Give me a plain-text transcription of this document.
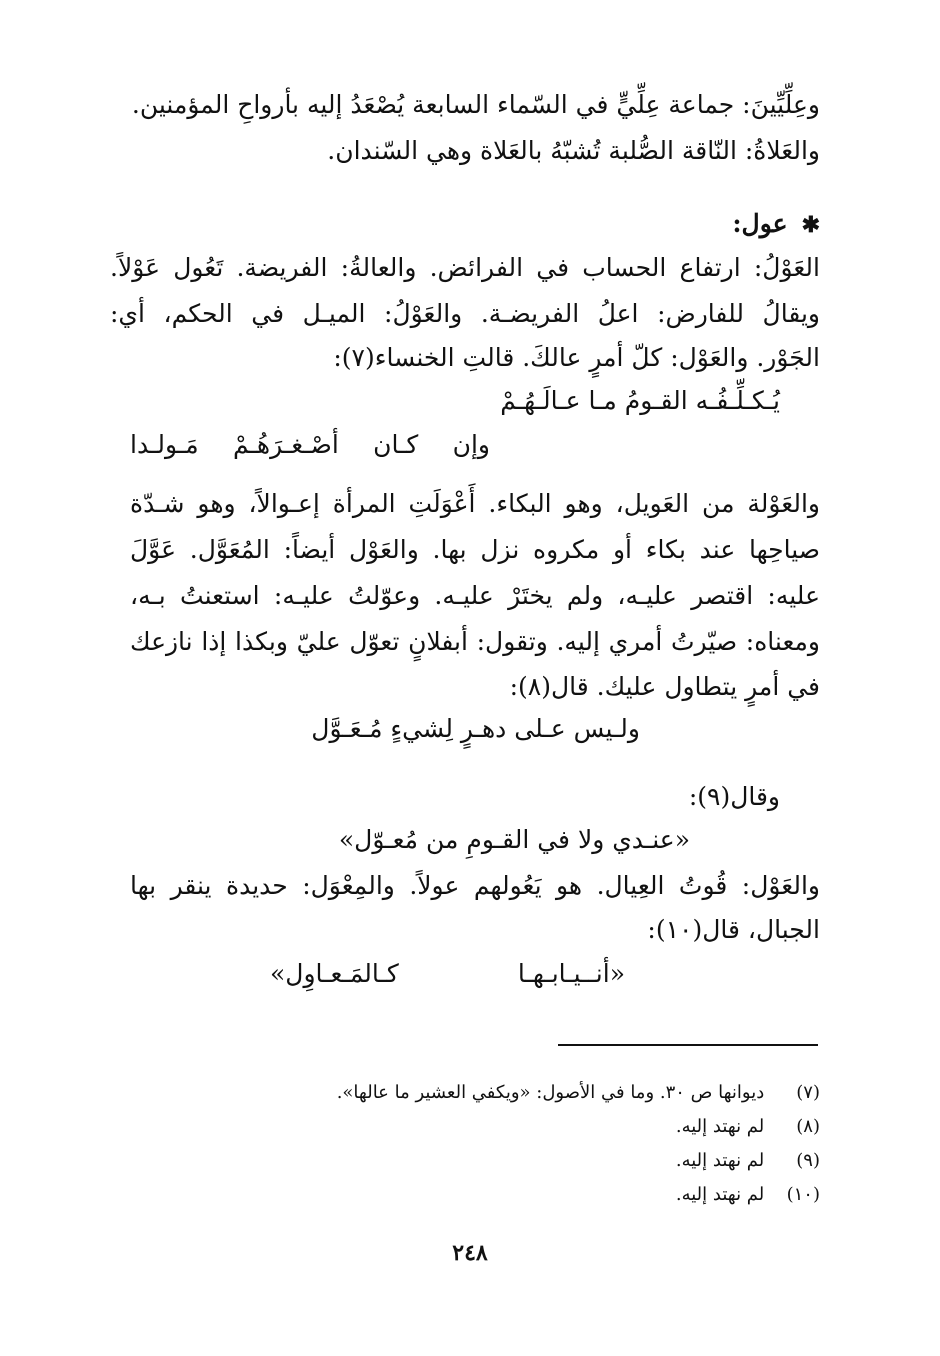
وعِلِّيِّينَ: جماعة عِلِّيٍّ في السّماء السابعة يُصْعَدُ إليه بأرواحِ المؤمنين.
والعَلاةُ: النّاقة الصُّلبة تُشبّهُ بالعَلاة وهي السّندان.
✱عول:
العَوْلُ: ارتفاع الحساب في الفرائض. والعالةُ: الفريضة. تَعُول عَوْلاً.
ويقالُ للفارض: اعلُ الفريضـة. والعَوْلُ: الميـل في الحكم، أي:
الجَوْر. والعَوْل: كلّ أمرٍ عالكَ. قالتِ الخنساء(٧):
يُـكـلِّـفُـه القـومُ مـا عـالَـهُـمْ
وإن
كـان
أصْـغـرَهُـمْ
مَـولـدا
والعَوْلة من العَويل، وهو البكاء. أَعْوَلَتِ المرأة إعـوالاً، وهو شـدّة
صياحِها عند بكاء أو مكروه نزل بها. والعَوْل أيضاً: المُعَوَّل. عَوَّلَ
عليه: اقتصر عليـه، ولم يختَرْ عليـه. وعوّلتُ عليـه: استعنتُ بـه،
ومعناه: صيّرتُ أمري إليه. وتقول: أبفلانٍ تعوّل عليّ وبكذا إذا نازعك
في أمرٍ يتطاول عليك. قال(٨):
ولـيس عـلى دهـرٍ لِشيءٍ مُـعَـوَّل
وقال(٩):
«عنـدي ولا في القـومِ من مُعـوّل»
والعَوْل: قُوتُ العِيال. هو يَعُولهم عولاً. والمِعْوَل: حديدة ينقر بها
الجبال، قال(١٠):
«أنــيـابـهـا
كـالمَـعـاوِل»
(٧) ديوانها ص ٣٠. وما في الأصول: «ويكفي العشير ما عالها».
(٨) لم نهتد إليه.
(٩) لم نهتد إليه.
(١٠) لم نهتد إليه.
٢٤٨
